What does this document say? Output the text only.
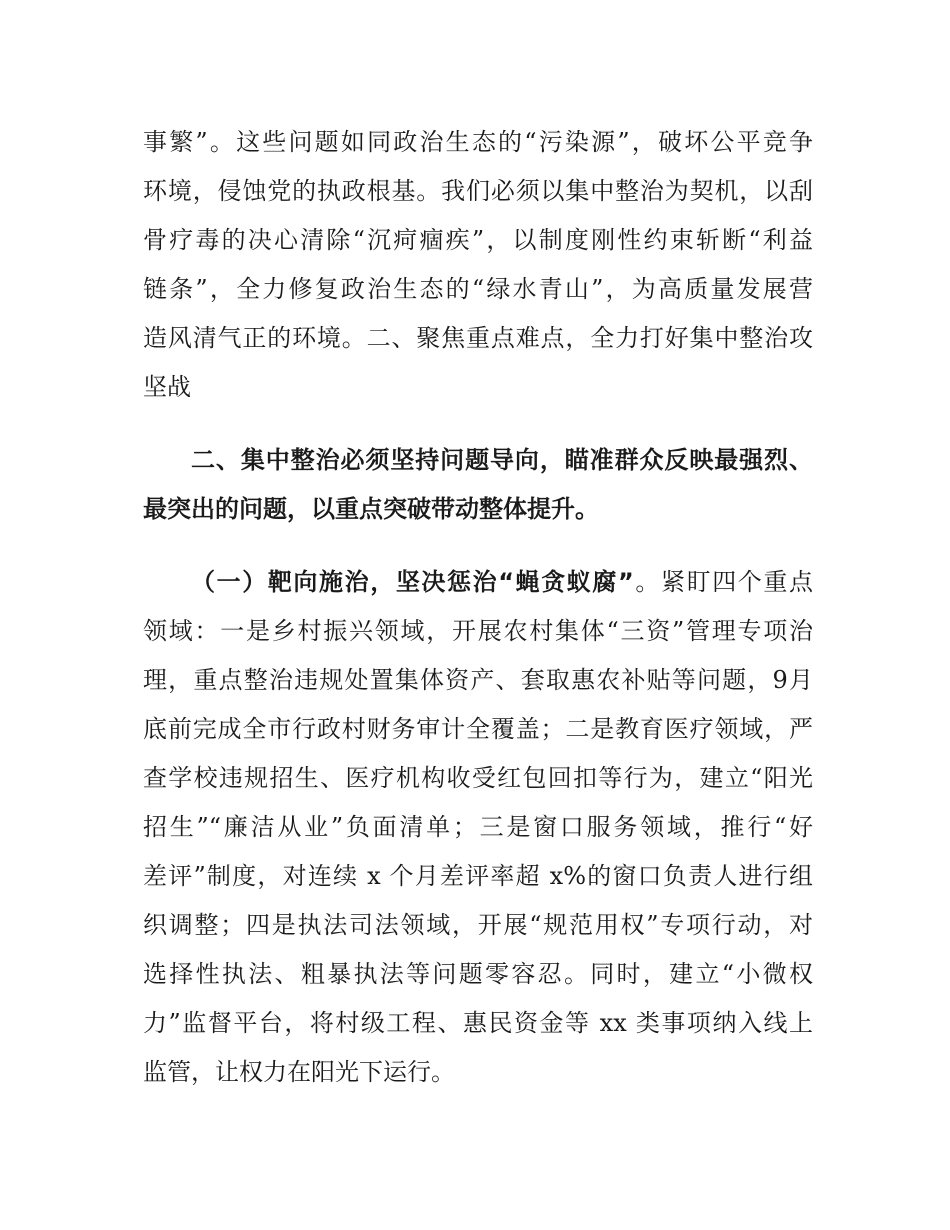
事繁”。这些问题如同政治生态的“污染源”，破坏公平竞争
环境，侵蚀党的执政根基。我们必须以集中整治为契机，以刮
骨疗毒的决心清除“沉疴痼疾”，以制度刚性约束斩断“利益
链条”，全力修复政治生态的“绿水青山”，为高质量发展营
造风清气正的环境。二、聚焦重点难点，全力打好集中整治攻
坚战
二、集中整治必须坚持问题导向，瞄准群众反映最强烈、
最突出的问题，以重点突破带动整体提升。
（一）靶向施治，坚决惩治“蝇贪蚁腐”。紧盯四个重点
领域：一是乡村振兴领域，开展农村集体“三资”管理专项治
理，重点整治违规处置集体资产、套取惠农补贴等问题，9月
底前完成全市行政村财务审计全覆盖；二是教育医疗领域，严
查学校违规招生、医疗机构收受红包回扣等行为，建立“阳光
招生”“廉洁从业”负面清单；三是窗口服务领域，推行“好
差评”制度，对连续 x 个月差评率超 x%的窗口负责人进行组
织调整；四是执法司法领域，开展“规范用权”专项行动，对
选择性执法、粗暴执法等问题零容忍。同时，建立“小微权
力”监督平台，将村级工程、惠民资金等 xx 类事项纳入线上
监管，让权力在阳光下运行。
